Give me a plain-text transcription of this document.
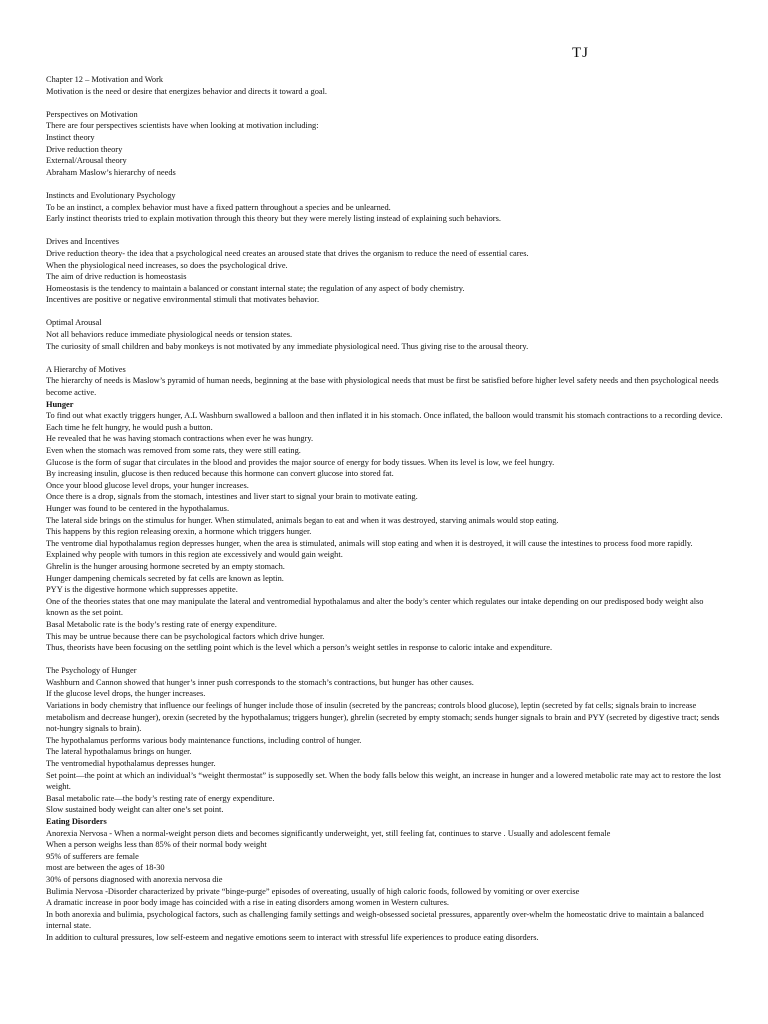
TJ

Chapter 12 – Motivation and Work

Motivation is the need or desire that energizes behavior and directs it toward a goal.

Perspectives on Motivation

There are four perspectives scientists have when looking at motivation including:

Instinct theory

Drive reduction theory

External/Arousal theory

Abraham Maslow’s hierarchy of needs

Instincts and Evolutionary Psychology

To be an instinct, a complex behavior must have a fixed pattern throughout a species and be unlearned.

Early instinct theorists tried to explain motivation through this theory but they were merely listing instead of explaining such behaviors.

Drives and Incentives

Drive reduction theory- the idea that a psychological need creates an aroused state that drives the organism to reduce the need of essential cares.

When the physiological need increases, so does the psychological drive.

The aim of drive reduction is homeostasis

Homeostasis is the tendency to maintain a balanced or constant internal state; the regulation of any aspect of body chemistry.

Incentives are positive or negative environmental stimuli that motivates behavior.

Optimal Arousal

Not all behaviors reduce immediate physiological needs or tension states.

The curiosity of small children and baby monkeys is not motivated by any immediate physiological need. Thus giving rise to the arousal theory.

A Hierarchy of Motives

The hierarchy of needs is Maslow’s pyramid of human needs, beginning at the base with physiological needs that must be first be satisfied before higher level safety needs and then psychological needs become active.

Hunger

To find out what exactly triggers hunger, A.L Washburn swallowed a balloon and then inflated it in his stomach. Once inflated, the balloon would transmit his stomach contractions to a recording device. Each time he felt hungry, he would push a button.

He revealed that he was having stomach contractions when ever he was hungry.

Even when the stomach was removed from some rats, they were still eating.

Glucose is the form of sugar that circulates in the blood and provides the major source of energy for body tissues. When its level is low, we feel hungry.

By increasing insulin, glucose is then reduced because this hormone can convert glucose into stored fat.

Once your blood glucose level drops, your hunger increases.

Once there is a drop, signals from the stomach, intestines and liver start to signal your brain to motivate eating.

Hunger was found to be centered in the hypothalamus.

The lateral side brings on the stimulus for hunger. When stimulated, animals began to eat and when it was destroyed, starving animals would stop eating.

This happens by this region releasing orexin, a hormone which triggers hunger.

The ventrome dial hypothalamus region depresses hunger, when the area is stimulated, animals will stop eating and when it is destroyed, it will cause the intestines to process food more rapidly. Explained why people with tumors in this region ate excessively and would gain weight.

Ghrelin is the hunger arousing hormone secreted by an empty stomach.

Hunger dampening chemicals secreted by fat cells are known as leptin.

PYY is the digestive hormone which suppresses appetite.

One of the theories states that one may manipulate the lateral and ventromedial hypothalamus and alter the body’s center which regulates our intake depending on our predisposed body weight also known as the set point.

Basal Metabolic rate is the body’s resting rate of energy expenditure.

This may be untrue because there can be psychological factors which drive hunger.

Thus, theorists have been focusing on the settling point which is the level which a person’s weight settles in response to caloric intake and expenditure.

The Psychology of Hunger

Washburn and Cannon showed that hunger’s inner push corresponds to the stomach’s contractions, but hunger has other causes.

If the glucose level drops, the hunger increases.

Variations in body chemistry that influence our feelings of hunger include those of insulin (secreted by the pancreas; controls blood glucose), leptin (secreted by fat cells; signals brain to increase metabolism and decrease hunger), orexin (secreted by the hypothalamus; triggers hunger), ghrelin (secreted by empty stomach; sends hunger signals to brain and PYY (secreted by digestive tract; sends not-hungry signals to brain).

The hypothalamus performs various body maintenance functions, including control of hunger.

The lateral hypothalamus brings on hunger.

The ventromedial hypothalamus depresses hunger.

Set point—the point at which an individual’s “weight thermostat” is supposedly set. When the body falls below this weight, an increase in hunger and a lowered metabolic rate may act to restore the lost weight.

Basal metabolic rate—the body’s resting rate of energy expenditure.

Slow sustained body weight can alter one’s set point.

Eating Disorders

Anorexia Nervosa - When a normal-weight person diets and becomes significantly underweight, yet, still feeling fat, continues to starve . Usually and adolescent female

When a person weighs less than 85% of their normal body weight

95% of sufferers are female

most are between the ages of 18-30

30% of persons diagnosed with anorexia nervosa die

Bulimia Nervosa -Disorder characterized by private “binge-purge” episodes of overeating, usually of high caloric foods, followed by vomiting or over exercise

A dramatic increase in poor body image has coincided with a rise in eating disorders among women in Western cultures.

In both anorexia and bulimia, psychological factors, such as challenging family settings and weigh-obsessed societal pressures, apparently over-whelm the homeostatic drive to maintain a balanced internal state.

In addition to cultural pressures, low self-esteem and negative emotions seem to interact with stressful life experiences to produce eating disorders.
